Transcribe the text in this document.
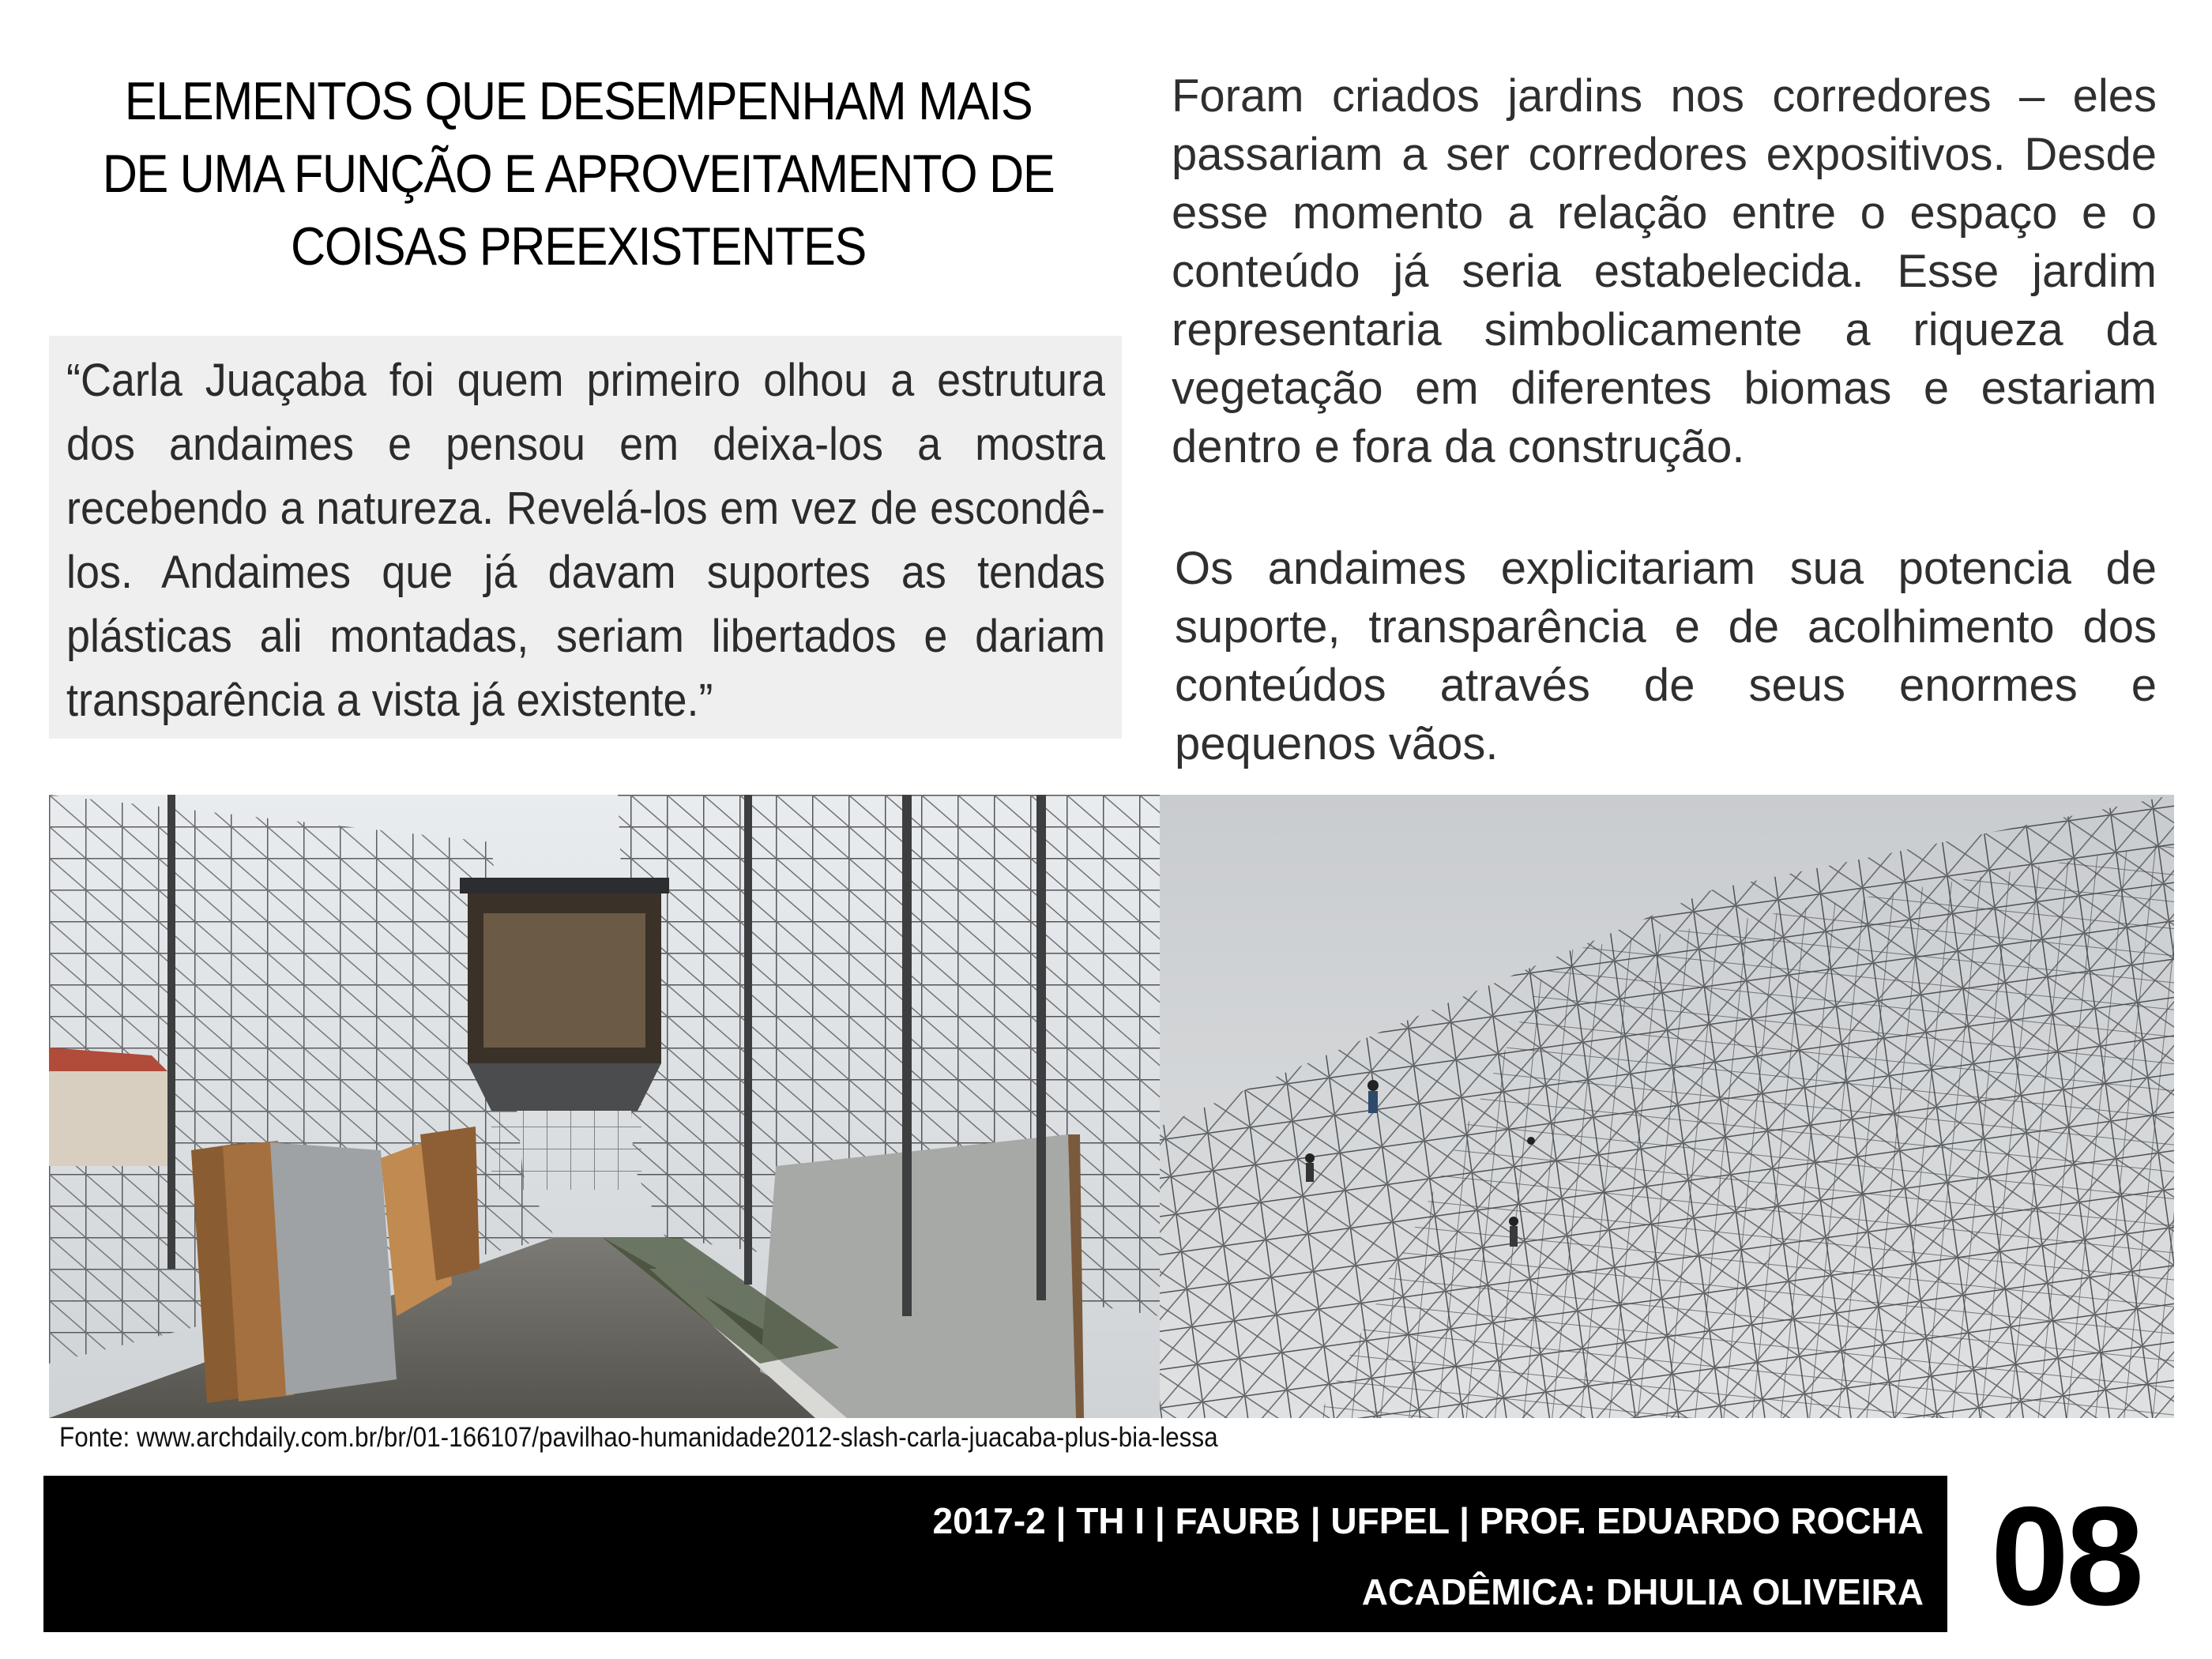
ELEMENTOS QUE DESEMPENHAM MAIS
DE UMA FUNÇÃO E APROVEITAMENTO DE
COISAS PREEXISTENTES

“Carla Juaçaba foi quem primeiro olhou a estrutura dos andaimes e pensou em deixa-los a mostra recebendo a natureza. Revelá-los em vez de escondê-los. Andaimes que já davam suportes as tendas plásticas ali montadas, seriam libertados e dariam transparência a vista já existente.”

Foram criados jardins nos corredores – eles passariam a ser corredores expositivos. Desde esse momento a relação entre o espaço e o conteúdo já seria estabelecida. Esse jardim representaria simbolicamente a riqueza da vegetação em diferentes biomas e estariam dentro e fora da construção.

Os andaimes explicitariam sua potencia de suporte, transparência e de acolhimento dos conteúdos através de seus enormes e pequenos vãos.

Fonte: www.archdaily.com.br/br/01-166107/pavilhao-humanidade2012-slash-carla-juacaba-plus-bia-lessa
2017-2 | TH I | FAURB | UFPEL | PROF. EDUARDO ROCHA
ACADÊMICA: DHULIA OLIVEIRA 08
